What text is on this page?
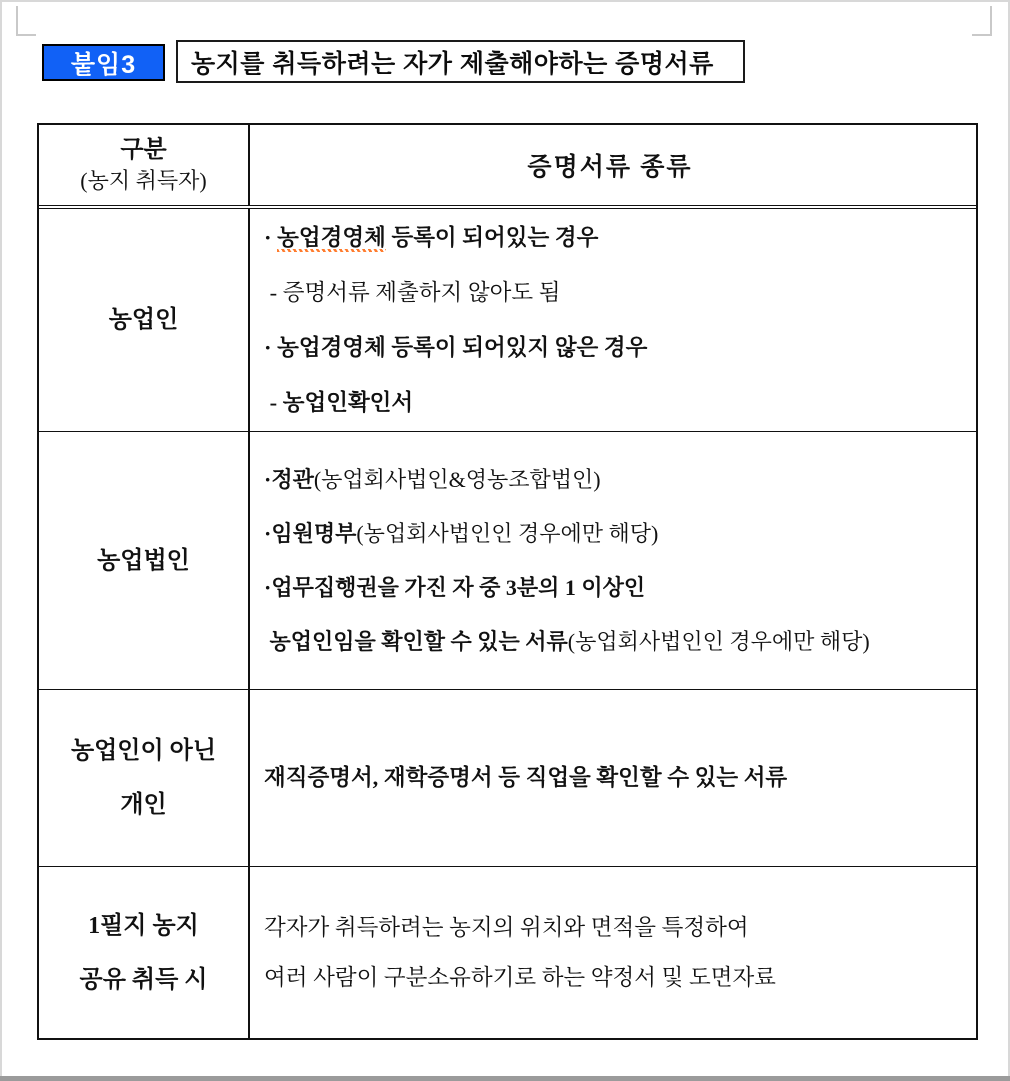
붙임3	농지를 취득하려는 자가 제출해야하는 증명서류
구분
(농지 취득자)	증명서류 종류
농업인
· 농업경영체 등록이 되어있는 경우
- 증명서류 제출하지 않아도 됨
· 농업경영체 등록이 되어있지 않은 경우
- 농업인확인서
농업법인
·정관(농업회사법인&영농조합법인)
·임원명부(농업회사법인인 경우에만 해당)
·업무집행권을 가진 자 중 3분의 1 이상인
농업인임을 확인할 수 있는 서류(농업회사법인인 경우에만 해당)
농업인이 아닌
개인
재직증명서, 재학증명서 등 직업을 확인할 수 있는 서류
1필지 농지
공유 취득 시
각자가 취득하려는 농지의 위치와 면적을 특정하여
여러 사람이 구분소유하기로 하는 약정서 및 도면자료
